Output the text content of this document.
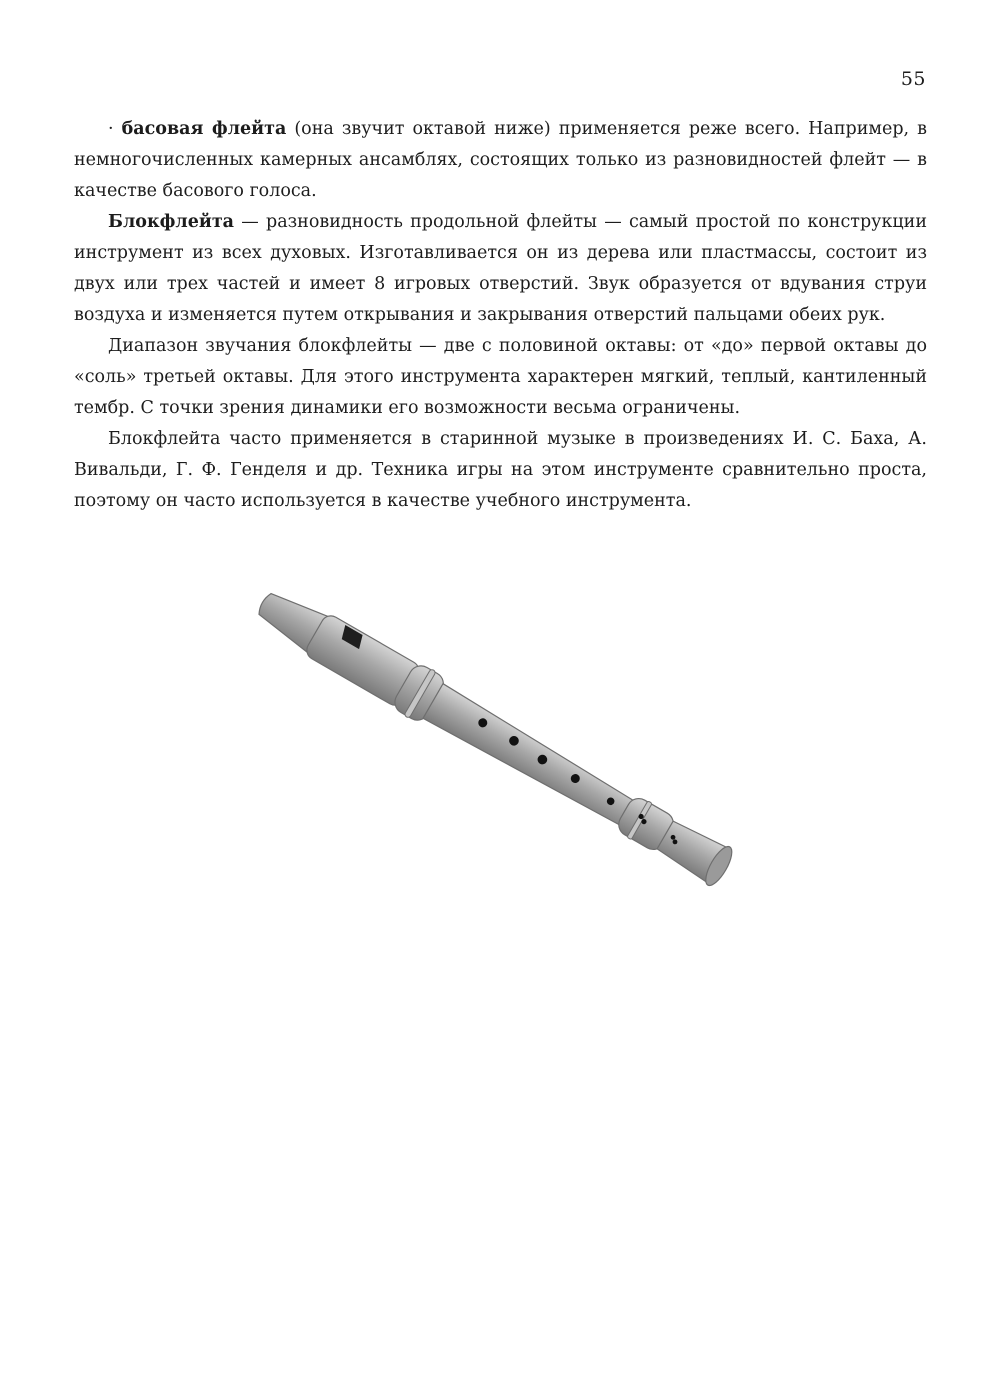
55

· басовая флейта (она звучит октавой ниже) применяется реже всего. Например, в немногочисленных камерных ансамблях, состоящих только из разновидностей флейт — в качестве басового голоса.

Блокфлейта — разновидность продольной флейты — самый простой по конструкции инструмент из всех духовых. Изготавливается он из дерева или пластмассы, состоит из двух или трех частей и имеет 8 игровых отверстий. Звук образуется от вдувания струи воздуха и изменяется путем открывания и закрывания отверстий пальцами обеих рук.

Диапазон звучания блокфлейты — две с половиной октавы: от «до» первой октавы до «соль» третьей октавы. Для этого инструмента характерен мягкий, теплый, кантиленный тембр. С точки зрения динамики его возможности весьма ограничены.

Блокфлейта часто применяется в старинной музыке в произведениях И. С. Баха, А. Вивальди, Г. Ф. Генделя и др. Техника игры на этом инструменте сравнительно проста, поэтому он часто используется в качестве учебного инструмента.
